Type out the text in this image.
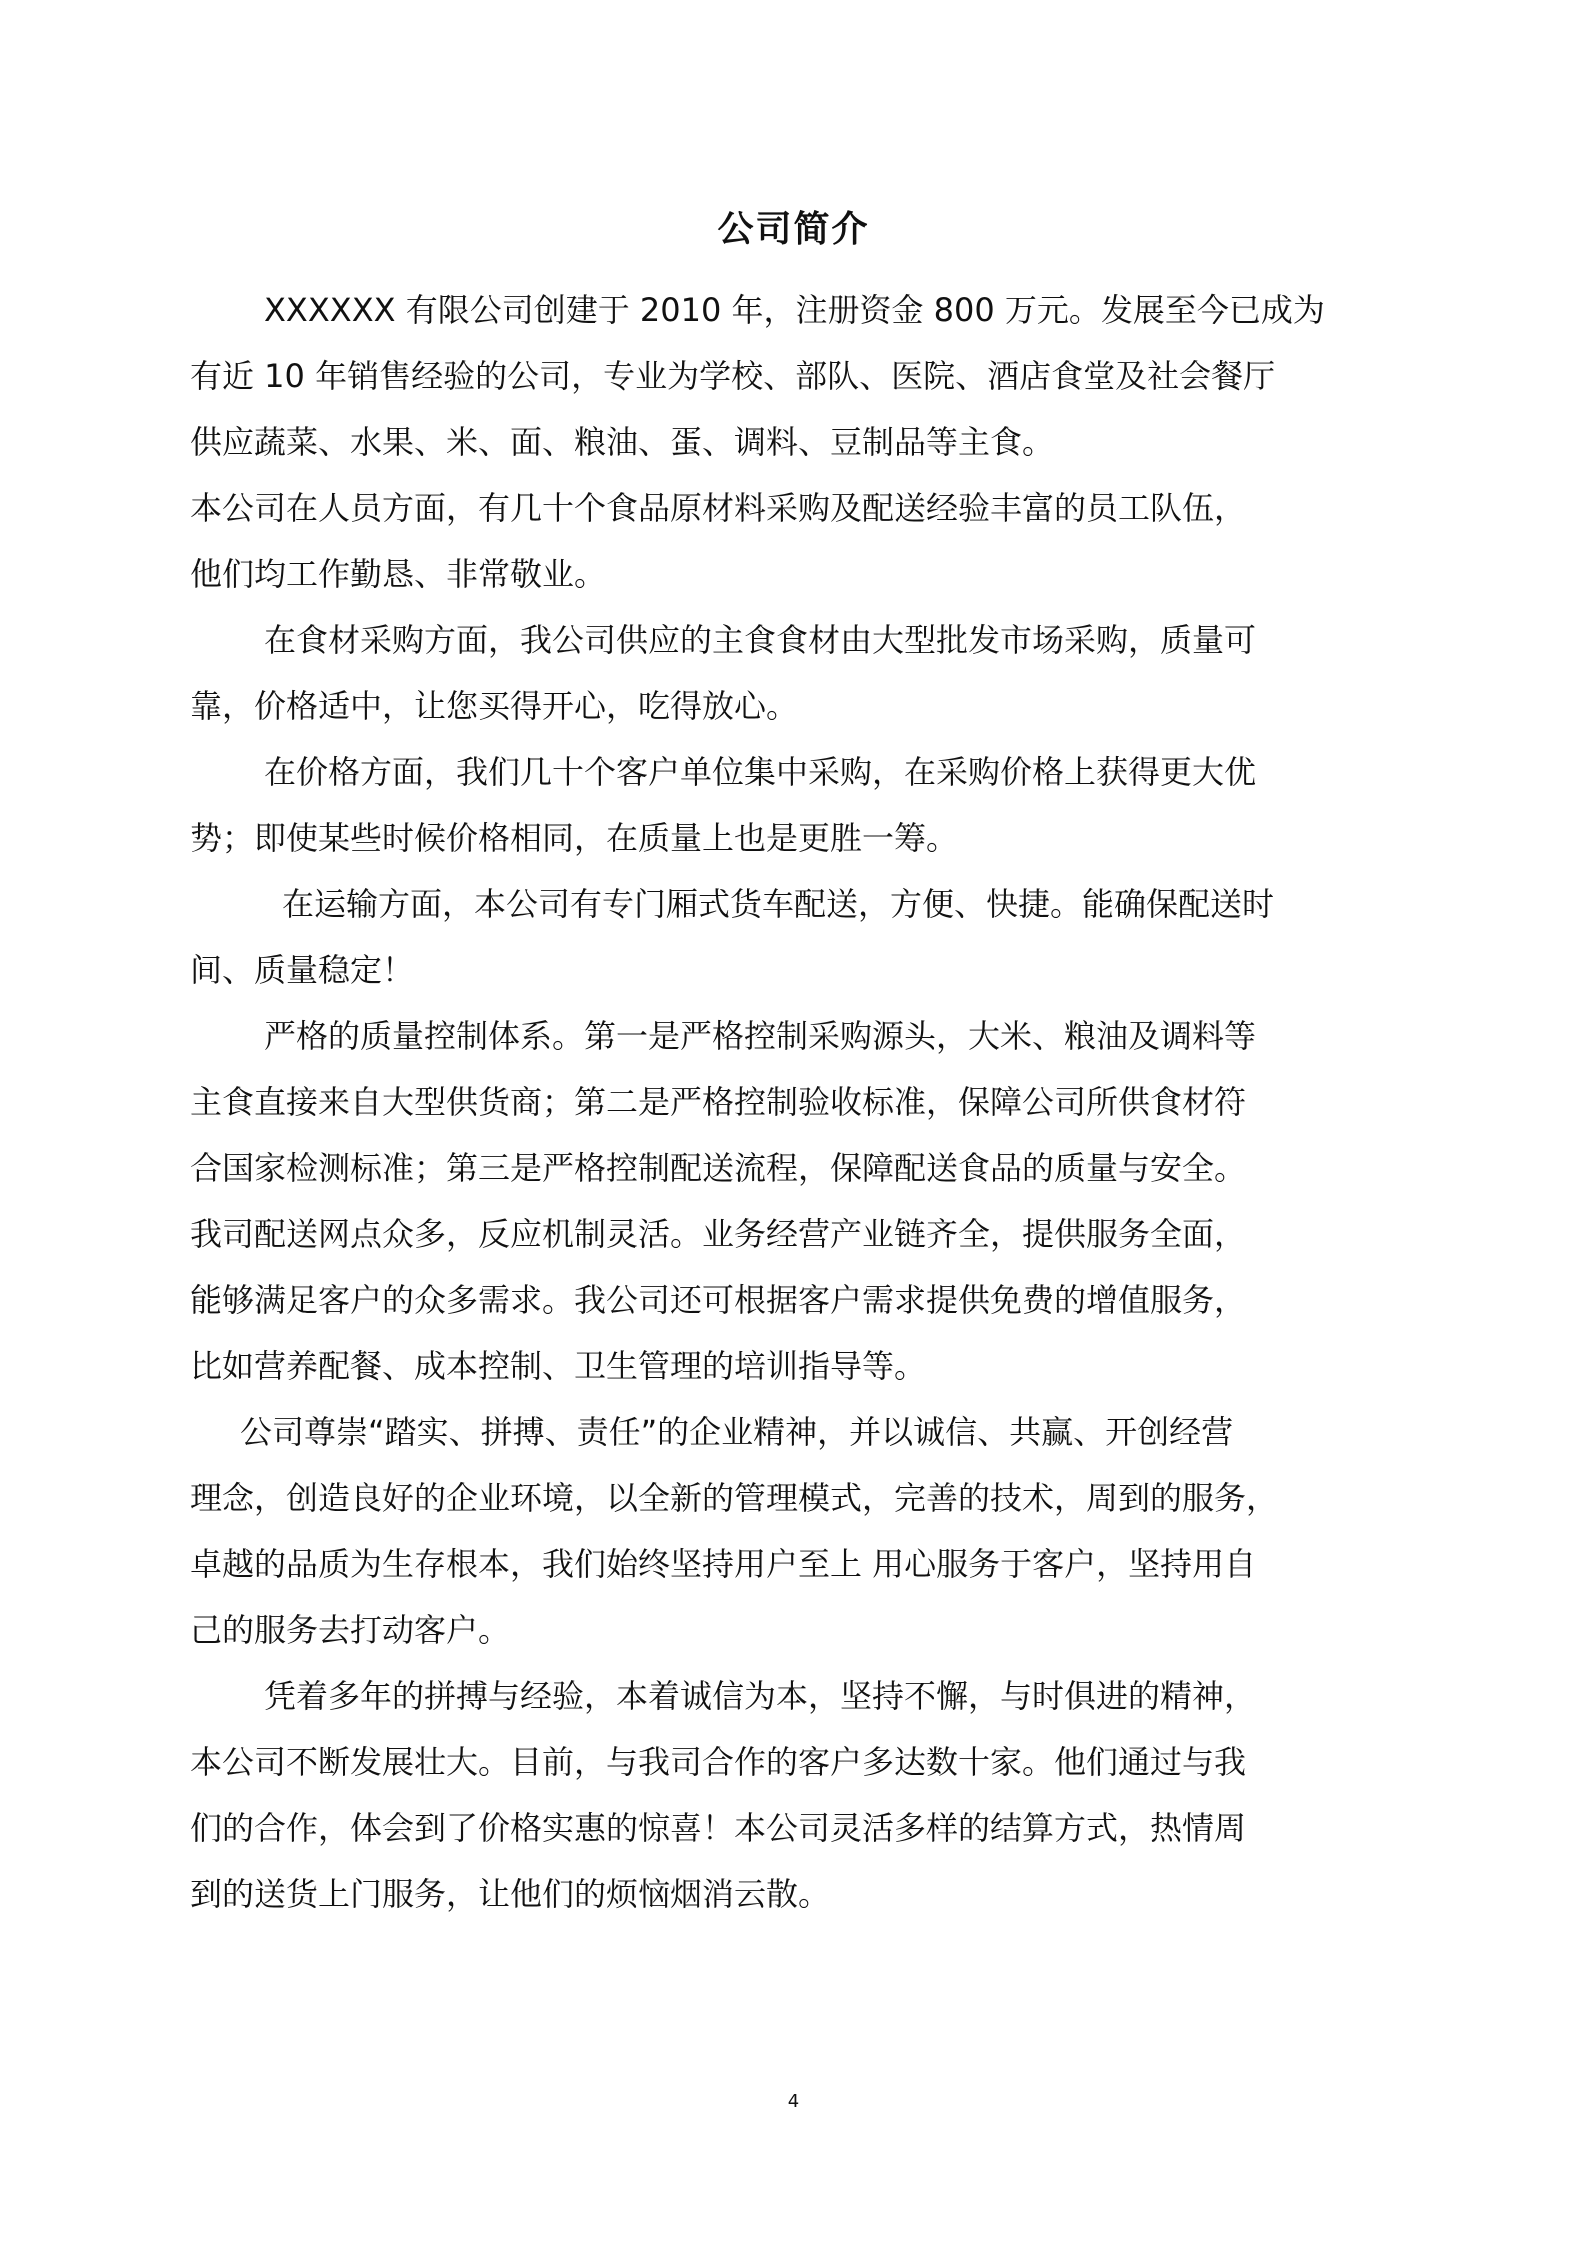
公司简介
XXXXXX 有限公司创建于 2010 年，注册资金 800 万元。发展至今已成为
有近 10 年销售经验的公司，专业为学校、部队、医院、酒店食堂及社会餐厅
供应蔬菜、水果、米、面、粮油、蛋、调料、豆制品等主食。
本公司在人员方面，有几十个食品原材料采购及配送经验丰富的员工队伍，
他们均工作勤恳、非常敬业。
在食材采购方面，我公司供应的主食食材由大型批发市场采购，质量可
靠，价格适中，让您买得开心，吃得放心。
在价格方面，我们几十个客户单位集中采购，在采购价格上获得更大优
势；即使某些时候价格相同，在质量上也是更胜一筹。
在运输方面，本公司有专门厢式货车配送，方便、快捷。能确保配送时
间、质量稳定！
严格的质量控制体系。第一是严格控制采购源头，大米、粮油及调料等
主食直接来自大型供货商；第二是严格控制验收标准，保障公司所供食材符
合国家检测标准；第三是严格控制配送流程，保障配送食品的质量与安全。
我司配送网点众多，反应机制灵活。业务经营产业链齐全，提供服务全面，
能够满足客户的众多需求。我公司还可根据客户需求提供免费的增值服务，
比如营养配餐、成本控制、卫生管理的培训指导等。
公司尊崇“踏实、拼搏、责任”的企业精神，并以诚信、共赢、开创经营
理念，创造良好的企业环境，以全新的管理模式，完善的技术，周到的服务，
卓越的品质为生存根本，我们始终坚持用户至上 用心服务于客户，坚持用自
己的服务去打动客户。
凭着多年的拼搏与经验，本着诚信为本，坚持不懈，与时俱进的精神，
本公司不断发展壮大。目前，与我司合作的客户多达数十家。他们通过与我
们的合作，体会到了价格实惠的惊喜！本公司灵活多样的结算方式，热情周
到的送货上门服务，让他们的烦恼烟消云散。
4
